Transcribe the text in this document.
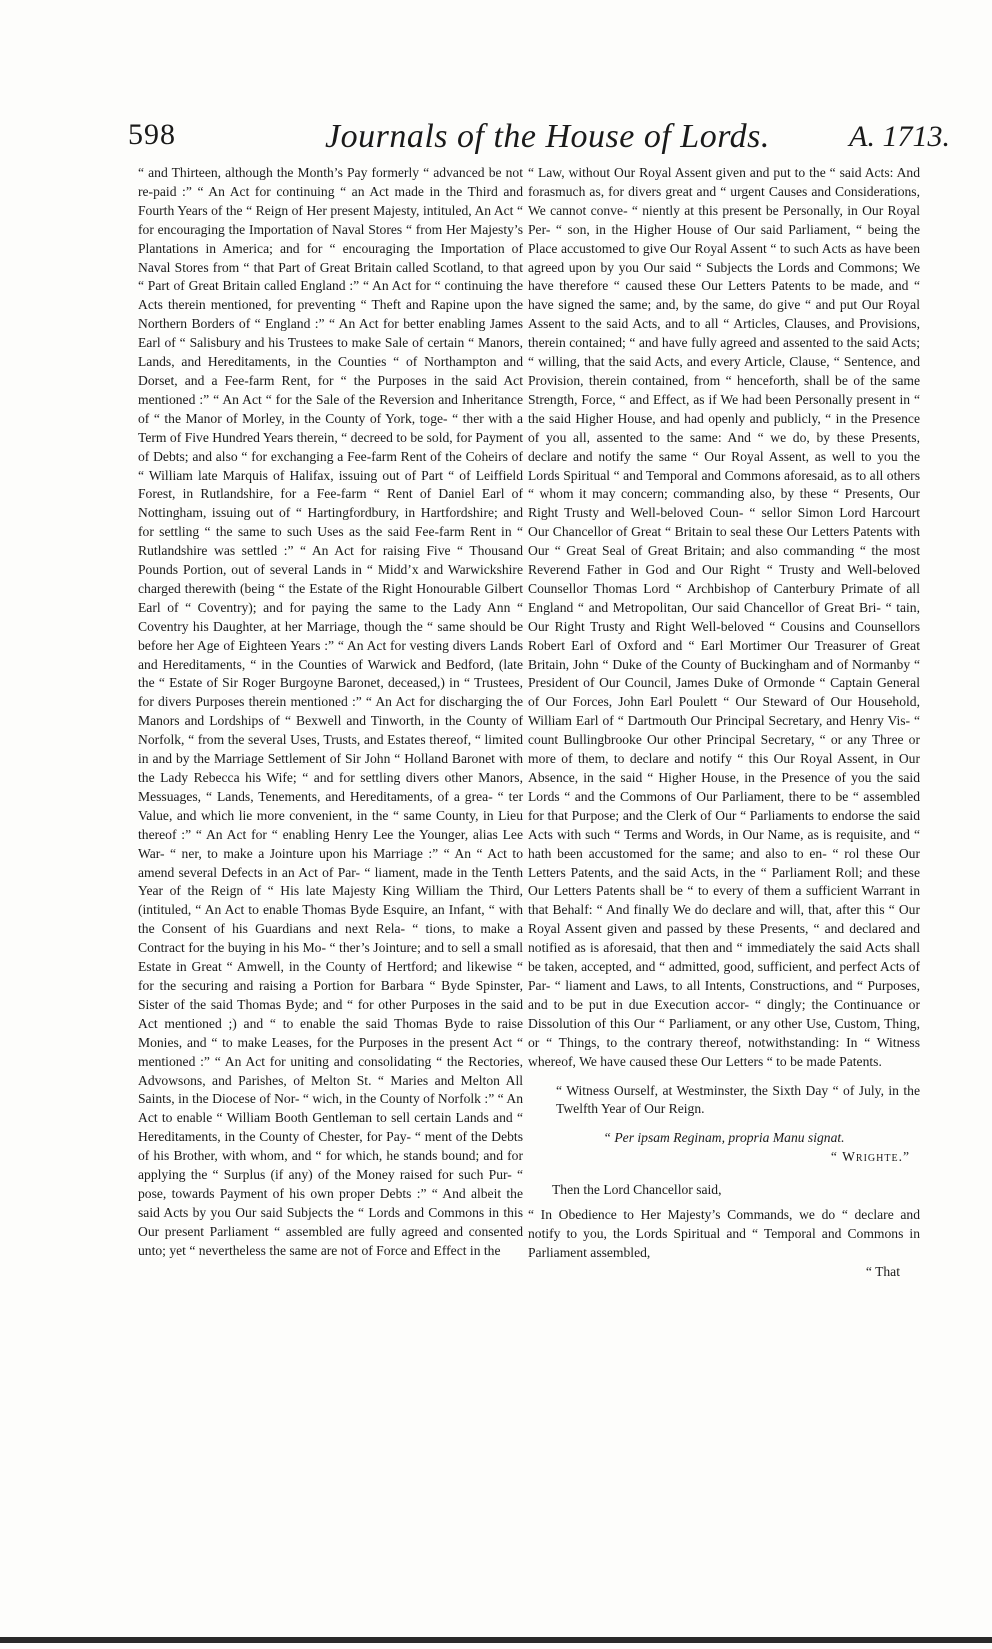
598	Journals of the House of Lords.	A. 1713.

“ and Thirteen, although the Month’s Pay formerly “ advanced be not re-paid :” “ An Act for continuing “ an Act made in the Third and Fourth Years of the “ Reign of Her present Majesty, intituled, An Act “ for encouraging the Importation of Naval Stores “ from Her Majesty’s Plantations in America; and for “ encouraging the Importation of Naval Stores from “ that Part of Great Britain called Scotland, to that “ Part of Great Britain called England :” “ An Act for “ continuing the Acts therein mentioned, for preventing “ Theft and Rapine upon the Northern Borders of “ England :” “ An Act for better enabling James Earl of “ Salisbury and his Trustees to make Sale of certain “ Manors, Lands, and Hereditaments, in the Counties “ of Northampton and Dorset, and a Fee-farm Rent, for “ the Purposes in the said Act mentioned :” “ An Act “ for the Sale of the Reversion and Inheritance of “ the Manor of Morley, in the County of York, toge- “ ther with a Term of Five Hundred Years therein, “ decreed to be sold, for Payment of Debts; and also “ for exchanging a Fee-farm Rent of the Coheirs of “ William late Marquis of Halifax, issuing out of Part “ of Leiffield Forest, in Rutlandshire, for a Fee-farm “ Rent of Daniel Earl of Nottingham, issuing out of “ Hartingfordbury, in Hartfordshire; and for settling “ the same to such Uses as the said Fee-farm Rent in “ Rutlandshire was settled :” “ An Act for raising Five “ Thousand Pounds Portion, out of several Lands in “ Midd’x and Warwickshire charged therewith (being “ the Estate of the Right Honourable Gilbert Earl of “ Coventry); and for paying the same to the Lady Ann “ Coventry his Daughter, at her Marriage, though the “ same should be before her Age of Eighteen Years :” “ An Act for vesting divers Lands and Hereditaments, “ in the Counties of Warwick and Bedford, (late the “ Estate of Sir Roger Burgoyne Baronet, deceased,) in “ Trustees, for divers Purposes therein mentioned :” “ An Act for discharging the Manors and Lordships of “ Bexwell and Tinworth, in the County of Norfolk, “ from the several Uses, Trusts, and Estates thereof, “ limited in and by the Marriage Settlement of Sir John “ Holland Baronet with the Lady Rebecca his Wife; “ and for settling divers other Manors, Messuages, “ Lands, Tenements, and Hereditaments, of a grea- “ ter Value, and which lie more convenient, in the “ same County, in Lieu thereof :” “ An Act for “ enabling Henry Lee the Younger, alias Lee War- “ ner, to make a Jointure upon his Marriage :” “ An “ Act to amend several Defects in an Act of Par- “ liament, made in the Tenth Year of the Reign of “ His late Majesty King William the Third, (intituled, “ An Act to enable Thomas Byde Esquire, an Infant, “ with the Consent of his Guardians and next Rela- “ tions, to make a Contract for the buying in his Mo- “ ther’s Jointure; and to sell a small Estate in Great “ Amwell, in the County of Hertford; and likewise “ for the securing and raising a Portion for Barbara “ Byde Spinster, Sister of the said Thomas Byde; and “ for other Purposes in the said Act mentioned ;) and “ to enable the said Thomas Byde to raise Monies, and “ to make Leases, for the Purposes in the present Act “ mentioned :” “ An Act for uniting and consolidating “ the Rectories, Advowsons, and Parishes, of Melton St. “ Maries and Melton All Saints, in the Diocese of Nor- “ wich, in the County of Norfolk :” “ An Act to enable “ William Booth Gentleman to sell certain Lands and “ Hereditaments, in the County of Chester, for Pay- “ ment of the Debts of his Brother, with whom, and “ for which, he stands bound; and for applying the “ Surplus (if any) of the Money raised for such Pur- “ pose, towards Payment of his own proper Debts :” “ And albeit the said Acts by you Our said Subjects the “ Lords and Commons in this Our present Parliament “ assembled are fully agreed and consented unto; yet “ nevertheless the same are not of Force and Effect in the

“ Law, without Our Royal Assent given and put to the “ said Acts: And forasmuch as, for divers great and “ urgent Causes and Considerations, We cannot conve- “ niently at this present be Personally, in Our Royal Per- “ son, in the Higher House of Our said Parliament, “ being the Place accustomed to give Our Royal Assent “ to such Acts as have been agreed upon by you Our said “ Subjects the Lords and Commons; We have therefore “ caused these Our Letters Patents to be made, and “ have signed the same; and, by the same, do give “ and put Our Royal Assent to the said Acts, and to all “ Articles, Clauses, and Provisions, therein contained; “ and have fully agreed and assented to the said Acts; “ willing, that the said Acts, and every Article, Clause, “ Sentence, and Provision, therein contained, from “ henceforth, shall be of the same Strength, Force, “ and Effect, as if We had been Personally present in “ the said Higher House, and had openly and publicly, “ in the Presence of you all, assented to the same: And “ we do, by these Presents, declare and notify the same “ Our Royal Assent, as well to you the Lords Spiritual “ and Temporal and Commons aforesaid, as to all others “ whom it may concern; commanding also, by these “ Presents, Our Right Trusty and Well-beloved Coun- “ sellor Simon Lord Harcourt Our Chancellor of Great “ Britain to seal these Our Letters Patents with Our “ Great Seal of Great Britain; and also commanding “ the most Reverend Father in God and Our Right “ Trusty and Well-beloved Counsellor Thomas Lord “ Archbishop of Canterbury Primate of all England “ and Metropolitan, Our said Chancellor of Great Bri- “ tain, Our Right Trusty and Right Well-beloved “ Cousins and Counsellors Robert Earl of Oxford and “ Earl Mortimer Our Treasurer of Great Britain, John “ Duke of the County of Buckingham and of Normanby “ President of Our Council, James Duke of Ormonde “ Captain General of Our Forces, John Earl Poulett “ Our Steward of Our Household, William Earl of “ Dartmouth Our Principal Secretary, and Henry Vis- “ count Bullingbrooke Our other Principal Secretary, “ or any Three or more of them, to declare and notify “ this Our Royal Assent, in Our Absence, in the said “ Higher House, in the Presence of you the said Lords “ and the Commons of Our Parliament, there to be “ assembled for that Purpose; and the Clerk of Our “ Parliaments to endorse the said Acts with such “ Terms and Words, in Our Name, as is requisite, and “ hath been accustomed for the same; and also to en- “ rol these Our Letters Patents, and the said Acts, in the “ Parliament Roll; and these Our Letters Patents shall be “ to every of them a sufficient Warrant in that Behalf: “ And finally We do declare and will, that, after this “ Our Royal Assent given and passed by these Presents, “ and declared and notified as is aforesaid, that then and “ immediately the said Acts shall be taken, accepted, and “ admitted, good, sufficient, and perfect Acts of Par- “ liament and Laws, to all Intents, Constructions, and “ Purposes, and to be put in due Execution accor- “ dingly; the Continuance or Dissolution of this Our “ Parliament, or any other Use, Custom, Thing, or “ Things, to the contrary thereof, notwithstanding: In “ Witness whereof, We have caused these Our Letters “ to be made Patents.

“ Witness Ourself, at Westminster, the Sixth Day “ of July, in the Twelfth Year of Our Reign.

“ Per ipsam Reginam, propria Manu signat.

“ Wrighte.”

Then the Lord Chancellor said,

“ In Obedience to Her Majesty’s Commands, we do “ declare and notify to you, the Lords Spiritual and “ Temporal and Commons in Parliament assembled,

“ That
